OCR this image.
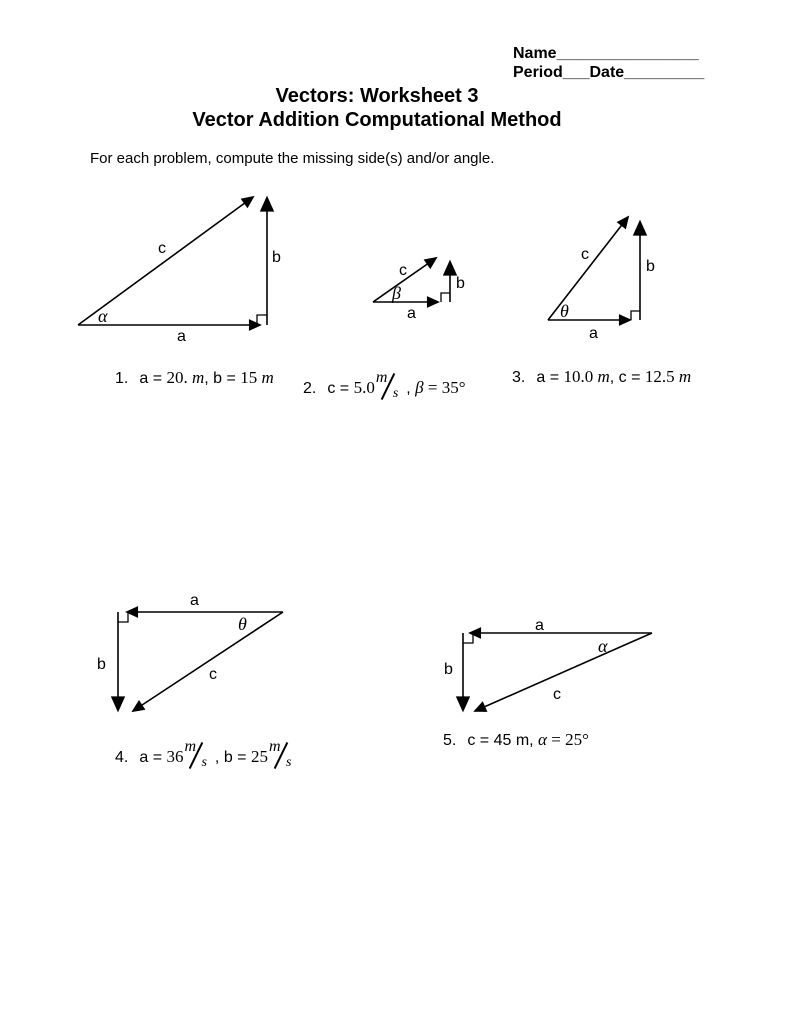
Name________________
Period___Date_________
Vectors: Worksheet 3
Vector Addition Computational Method
For each problem, compute the missing side(s) and/or angle.
c
b
a
α
c
b
a
β
c
b
a
θ
a
θ
b
c
a
α
b
c
1. a = 20. m, b = 15 m
2. c = 5.0
m
s , β = 35°
3. a = 10.0 m, c = 12.5 m
4. a = 36
m
s , b = 25
m
s
5. c = 45 m, α = 25°
